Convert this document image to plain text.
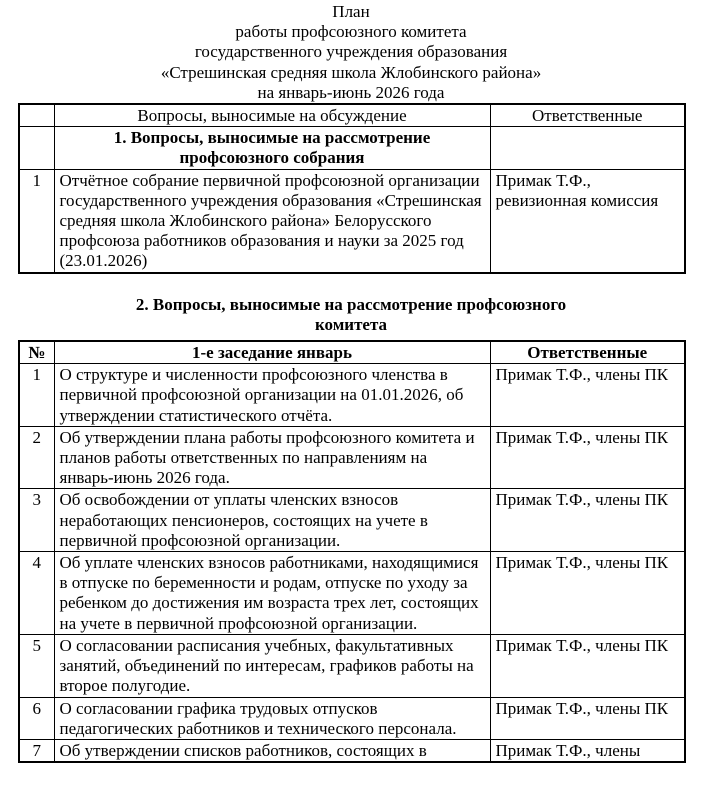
План
работы профсоюзного комитета
государственного учреждения образования
«Стрешинская средняя школа Жлобинского района»
на январь-июнь 2026 года
	Вопросы, выносимые на обсуждение	Ответственные

	1. Вопросы, выносимые на рассмотрение
профсоюзного собрания	

1	Отчётное собрание первичной профсоюзной организации государственного учреждения образования «Стрешинская средняя школа Жлобинского района» Белорусского профсоюза работников образования и науки за 2025 год (23.01.2026)	Примак Т.Ф., ревизионная комиссия
2. Вопросы, выносимые на рассмотрение профсоюзного
комитета
№	1-е заседание январь	Ответственные
1	О структуре и численности профсоюзного членства в первичной профсоюзной организации на 01.01.2026, об утверждении статистического отчёта.	Примак Т.Ф., члены ПК
2	Об утверждении плана работы профсоюзного комитета и планов работы ответственных по направлениям на январь-июнь 2026 года.	Примак Т.Ф., члены ПК
3	Об освобождении от уплаты членских взносов неработающих пенсионеров, состоящих на учете в первичной профсоюзной организации.	Примак Т.Ф., члены ПК
4	Об уплате членских взносов работниками, находящимися в отпуске по беременности и родам, отпуске по уходу за ребенком до достижения им возраста трех лет, состоящих на учете в первичной профсоюзной организации.	Примак Т.Ф., члены ПК
5	О согласовании расписания учебных, факультативных занятий, объединений по интересам, графиков работы на второе полугодие.	Примак Т.Ф., члены ПК
6	О согласовании графика трудовых отпусков педагогических работников и технического персонала.	Примак Т.Ф., члены ПК
7	Об утверждении списков работников, состоящих в	Примак Т.Ф., члены
